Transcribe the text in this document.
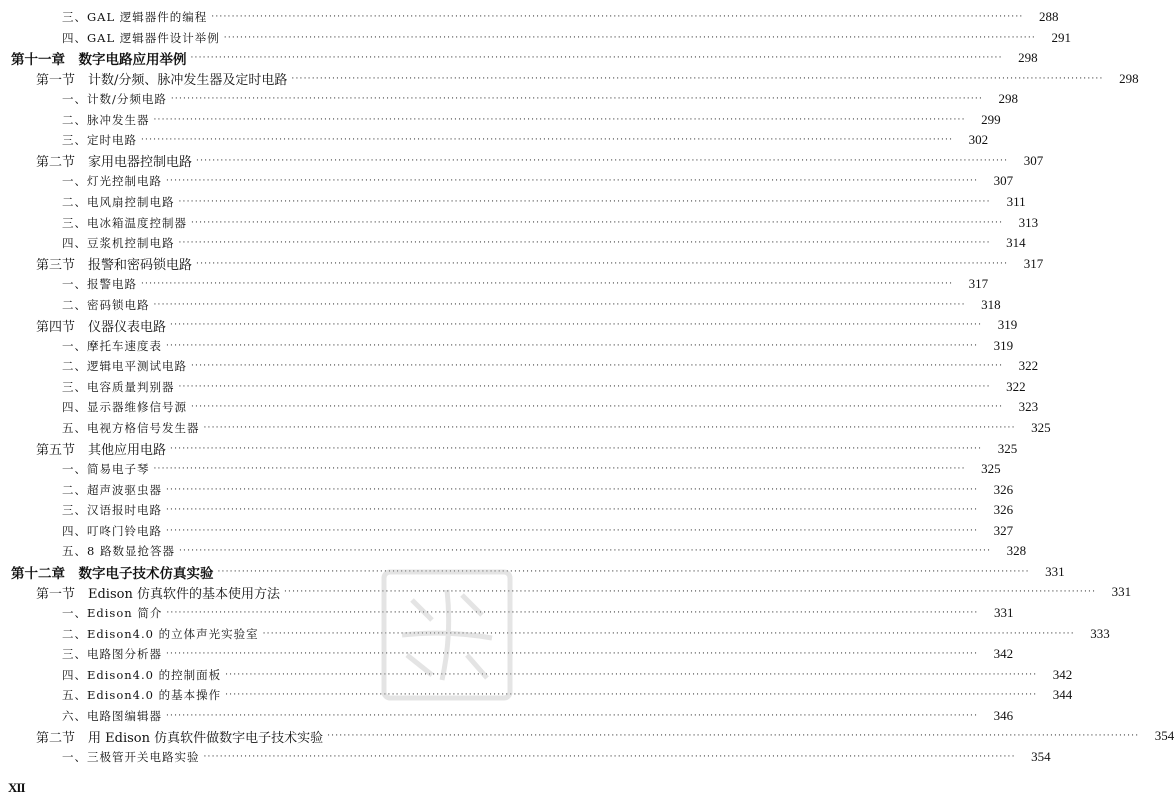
三、GAL 逻辑器件的编程 ········································································································································································································	288
四、GAL 逻辑器件设计举例 ········································································································································································································	291
第十一章　数字电路应用举例 ········································································································································································································	298
第一节　计数/分频、脉冲发生器及定时电路 ········································································································································································································	298
一、计数/分频电路 ········································································································································································································	298
二、脉冲发生器 ········································································································································································································	299
三、定时电路 ········································································································································································································	302
第二节　家用电器控制电路 ········································································································································································································	307
一、灯光控制电路 ········································································································································································································	307
二、电风扇控制电路 ········································································································································································································	311
三、电冰箱温度控制器 ········································································································································································································	313
四、豆浆机控制电路 ········································································································································································································	314
第三节　报警和密码锁电路 ········································································································································································································	317
一、报警电路 ········································································································································································································	317
二、密码锁电路 ········································································································································································································	318
第四节　仪器仪表电路 ········································································································································································································	319
一、摩托车速度表 ········································································································································································································	319
二、逻辑电平测试电路 ········································································································································································································	322
三、电容质量判别器 ········································································································································································································	322
四、显示器维修信号源 ········································································································································································································	323
五、电视方格信号发生器 ········································································································································································································	325
第五节　其他应用电路 ········································································································································································································	325
一、简易电子琴 ········································································································································································································	325
二、超声波驱虫器 ········································································································································································································	326
三、汉语报时电路 ········································································································································································································	326
四、叮咚门铃电路 ········································································································································································································	327
五、8 路数显抢答器 ········································································································································································································	328
第十二章　数字电子技术仿真实验 ········································································································································································································	331
第一节　Edison 仿真软件的基本使用方法 ········································································································································································································	331
一、Edison 简介 ········································································································································································································	331
二、Edison4.0 的立体声光实验室 ········································································································································································································	333
三、电路图分析器 ········································································································································································································	342
四、Edison4.0 的控制面板 ········································································································································································································	342
五、Edison4.0 的基本操作 ········································································································································································································	344
六、电路图编辑器 ········································································································································································································	346
第二节　用 Edison 仿真软件做数字电子技术实验 ········································································································································································································	354
一、三极管开关电路实验 ········································································································································································································	354
XII
